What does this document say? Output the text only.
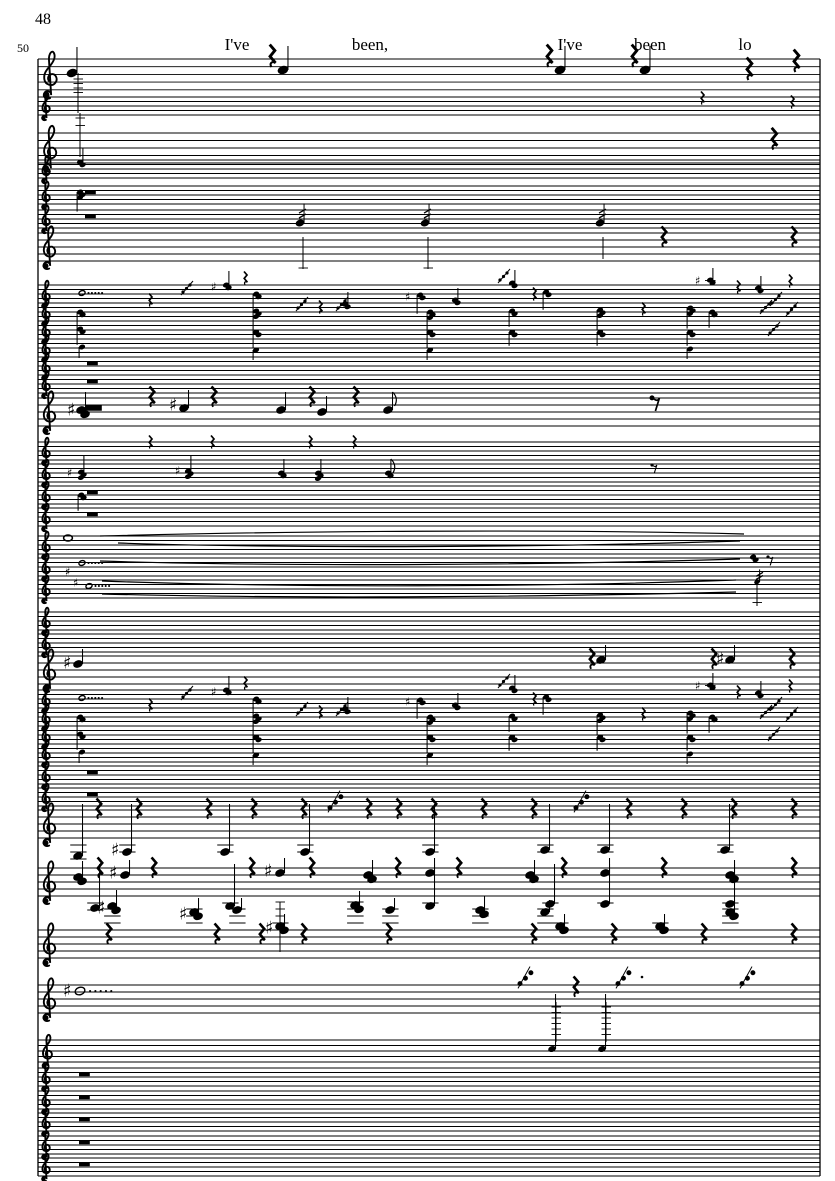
48
50	I've	been,	I've	been	lo
♯
♯
♯
♯	♯
♯	♯
♯
♯
♯	♯
♯
♯
♯
♯
♯	♯
♯	♯
♯
♯
